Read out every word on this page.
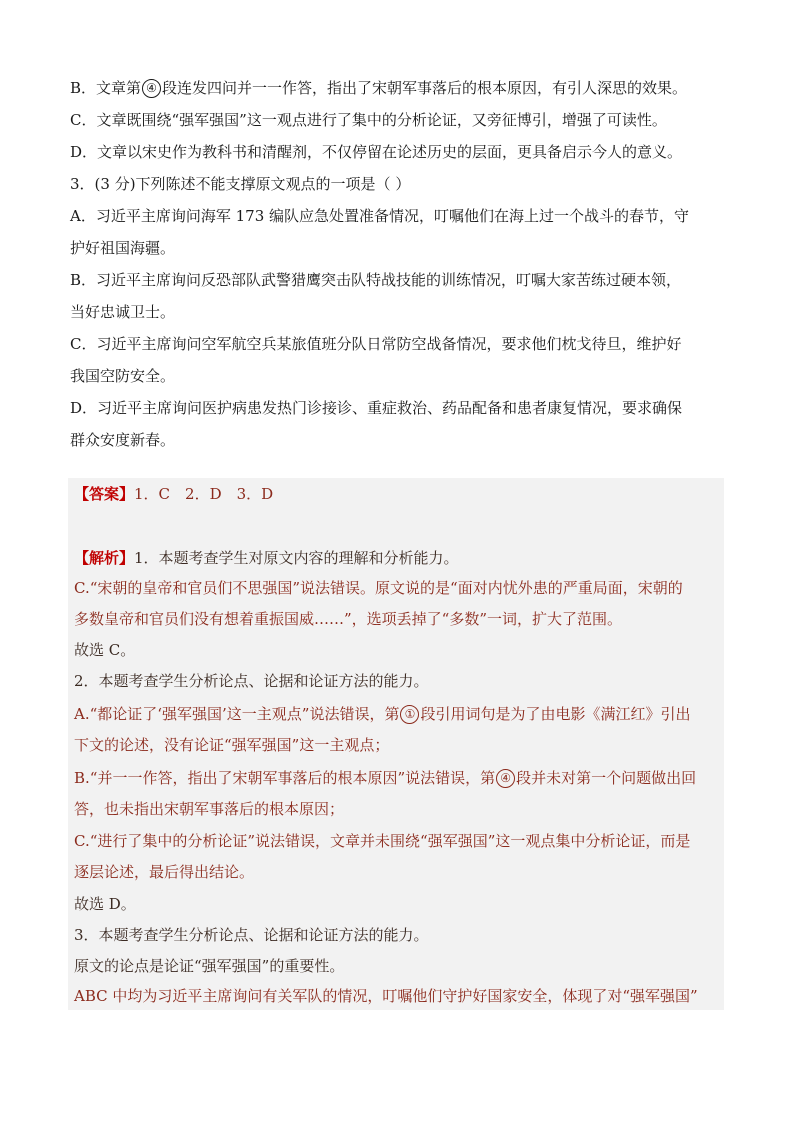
B．文章第 ④ 段连发四问并一一作答，指出了宋朝军事落后的根本原因，有引人深思的效果。
C．文章既围绕“强军强国”这一观点进行了集中的分析论证，又旁征博引，增强了可读性。
D．文章以宋史作为教科书和清醒剂，不仅停留在论述历史的层面，更具备启示今人的意义。
3．(3 分)下列陈述不能支撑原文观点的一项是（ ）
A．习近平主席询问海军 173 编队应急处置准备情况，叮嘱他们在海上过一个战斗的春节，守
护好祖国海疆。
B．习近平主席询问反恐部队武警猎鹰突击队特战技能的训练情况，叮嘱大家苦练过硬本领，
当好忠诚卫士。
C．习近平主席询问空军航空兵某旅值班分队日常防空战备情况，要求他们枕戈待旦，维护好
我国空防安全。
D．习近平主席询问医护病患发热门诊接诊、重症救治、药品配备和患者康复情况，要求确保
群众安度新春。
【答案】1．C　2．D　3．D
【解析】1．本题考查学生对原文内容的理解和分析能力。
C.“宋朝的皇帝和官员们不思强国”说法错误。原文说的是“面对内忧外患的严重局面，宋朝的
多数皇帝和官员们没有想着重振国威……”，选项丢掉了“多数”一词，扩大了范围。
故选 C。
2．本题考查学生分析论点、论据和论证方法的能力。
A.“都论证了‘强军强国’这一主观点”说法错误，第 ① 段引用词句是为了由电影《满江红》引出
下文的论述，没有论证“强军强国”这一主观点；
B.“并一一作答，指出了宋朝军事落后的根本原因”说法错误，第 ④ 段并未对第一个问题做出回
答，也未指出宋朝军事落后的根本原因；
C.“进行了集中的分析论证”说法错误，文章并未围绕“强军强国”这一观点集中分析论证，而是
逐层论述，最后得出结论。
故选 D。
3．本题考查学生分析论点、论据和论证方法的能力。
原文的论点是论证“强军强国”的重要性。
ABC 中均为习近平主席询问有关军队的情况，叮嘱他们守护好国家安全，体现了对“强军强国”
